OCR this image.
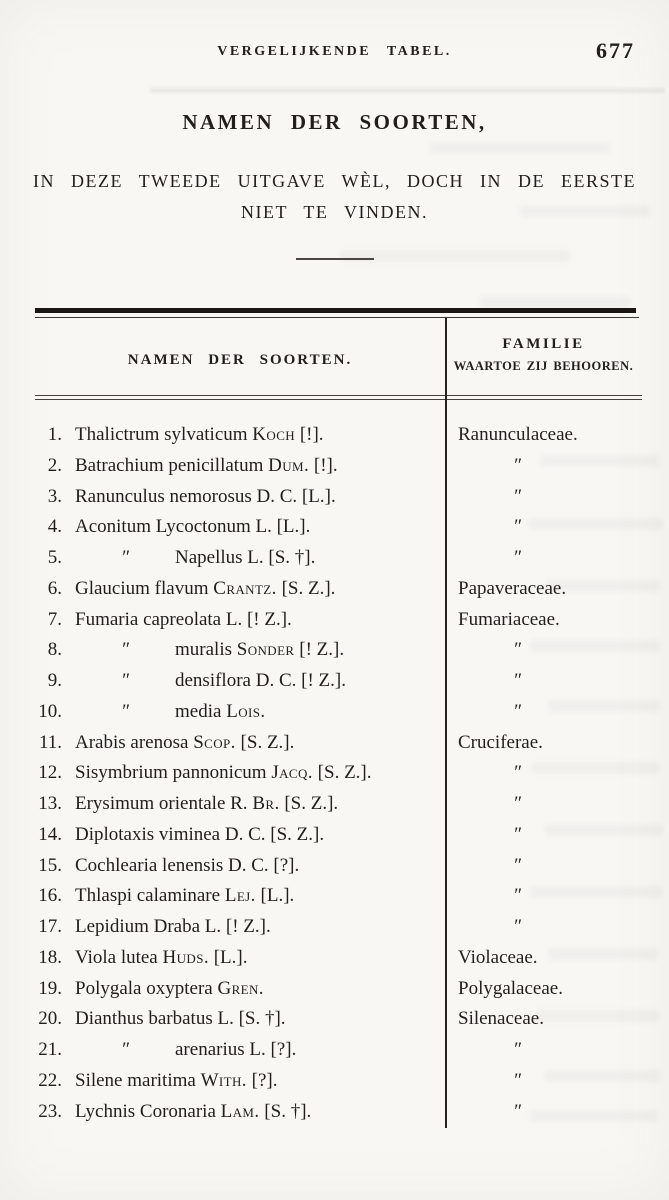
VERGELIJKENDE TABEL.	677
NAMEN DER SOORTEN,
IN DEZE TWEEDE UITGAVE WÈL, DOCH IN DE EERSTE
NIET TE VINDEN.
NAMEN DER SOORTEN.
FAMILIE
WAARTOE ZIJ BEHOOREN.
1. Thalictrum sylvaticum Koch [!].	Ranunculaceae.
2. Batrachium penicillatum Dum. [!].	″
3. Ranunculus nemorosus D. C. [L.].	″
4. Aconitum Lycoctonum L. [L.].	″
5.	″ Napellus L. [S. †].	″
6. Glaucium flavum Crantz. [S. Z.].	Papaveraceae.
7. Fumaria capreolata L. [! Z.].	Fumariaceae.
8.	″ muralis Sonder [! Z.].	″
9.	″ densiflora D. C. [! Z.].	″
10.	″ media Lois.	″
11. Arabis arenosa Scop. [S. Z.].	Cruciferae.
12. Sisymbrium pannonicum Jacq. [S. Z.].	″
13. Erysimum orientale R. Br. [S. Z.].	″
14. Diplotaxis viminea D. C. [S. Z.].	″
15. Cochlearia lenensis D. C. [?].	″
16. Thlaspi calaminare Lej. [L.].	″
17. Lepidium Draba L. [! Z.].	″
18. Viola lutea Huds. [L.].	Violaceae.
19. Polygala oxyptera Gren.	Polygalaceae.
20. Dianthus barbatus L. [S. †].	Silenaceae.
21.	″ arenarius L. [?].	″
22. Silene maritima With. [?].	″
23. Lychnis Coronaria Lam. [S. †].	″
